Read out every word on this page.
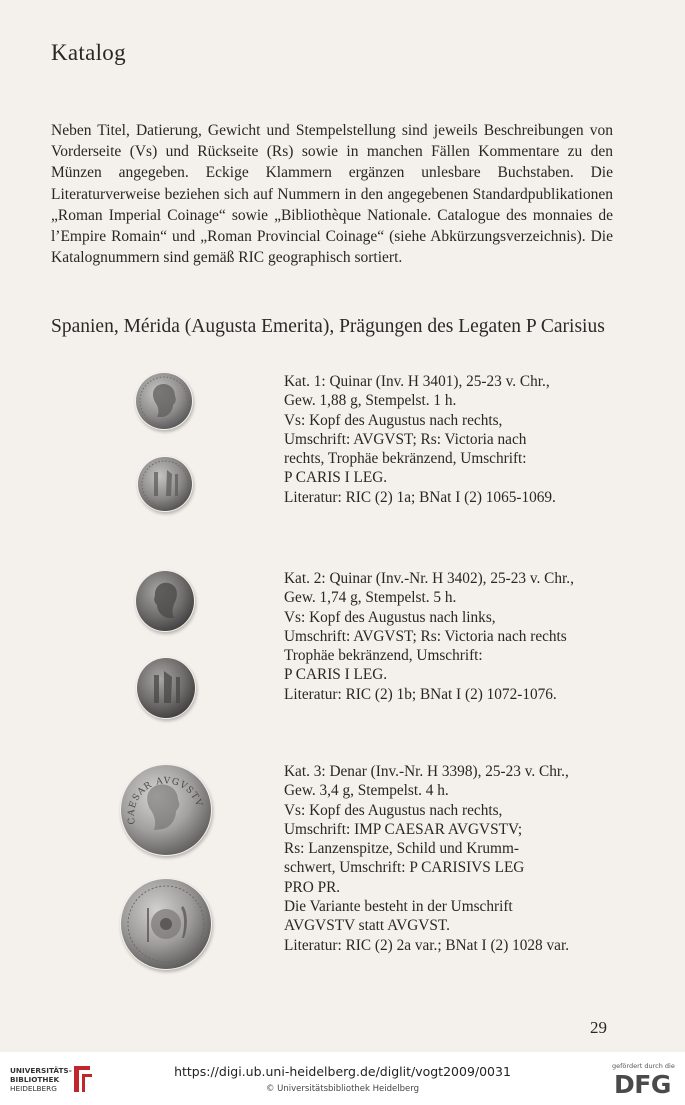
Katalog
Neben Titel, Datierung, Gewicht und Stempelstellung sind jeweils Beschreibungen von Vorderseite (Vs) und Rückseite (Rs) sowie in manchen Fällen Kommentare zu den Münzen angegeben. Eckige Klammern ergänzen unlesbare Buchstaben. Die Literaturverweise beziehen sich auf Nummern in den angegebenen Standardpublikationen „Roman Imperial Coinage“ sowie „Bibliothèque Nationale. Catalogue des monnaies de l’Empire Romain“ und „Roman Provincial Coinage“ (siehe Abkürzungsverzeichnis). Die Katalognummern sind gemäß RIC geographisch sortiert.
Spanien, Mérida (Augusta Emerita), Prägungen des Legaten P Carisius
CAESAR AVGVSTV
Kat. 1: Quinar (Inv. H 3401), 25-23 v. Chr.,
Gew. 1,88 g, Stempelst. 1 h.
Vs: Kopf des Augustus nach rechts,
Umschrift: AVGVST; Rs: Victoria nach
rechts, Trophäe bekränzend, Umschrift:
P CARIS I LEG.
Literatur: RIC (2) 1a; BNat I (2) 1065-1069.
Kat. 2: Quinar (Inv.-Nr. H 3402), 25-23 v. Chr.,
Gew. 1,74 g, Stempelst. 5 h.
Vs: Kopf des Augustus nach links,
Umschrift: AVGVST; Rs: Victoria nach rechts
Trophäe bekränzend, Umschrift:
P CARIS I LEG.
Literatur: RIC (2) 1b; BNat I (2) 1072-1076.
Kat. 3: Denar (Inv.-Nr. H 3398), 25-23 v. Chr.,
Gew. 3,4 g, Stempelst. 4 h.
Vs: Kopf des Augustus nach rechts,
Umschrift: IMP CAESAR AVGVSTV;
Rs: Lanzenspitze, Schild und Krumm-
schwert, Umschrift: P CARISIVS LEG
PRO PR.
Die Variante besteht in der Umschrift
AVGVSTV statt AVGVST.
Literatur: RIC (2) 2a var.; BNat I (2) 1028 var.
29
UNIVERSITÄTS-
BIBLIOTHEK
HEIDELBERG
https://digi.ub.uni-heidelberg.de/diglit/vogt2009/0031
© Universitätsbibliothek Heidelberg
gefördert durch die
DFG
